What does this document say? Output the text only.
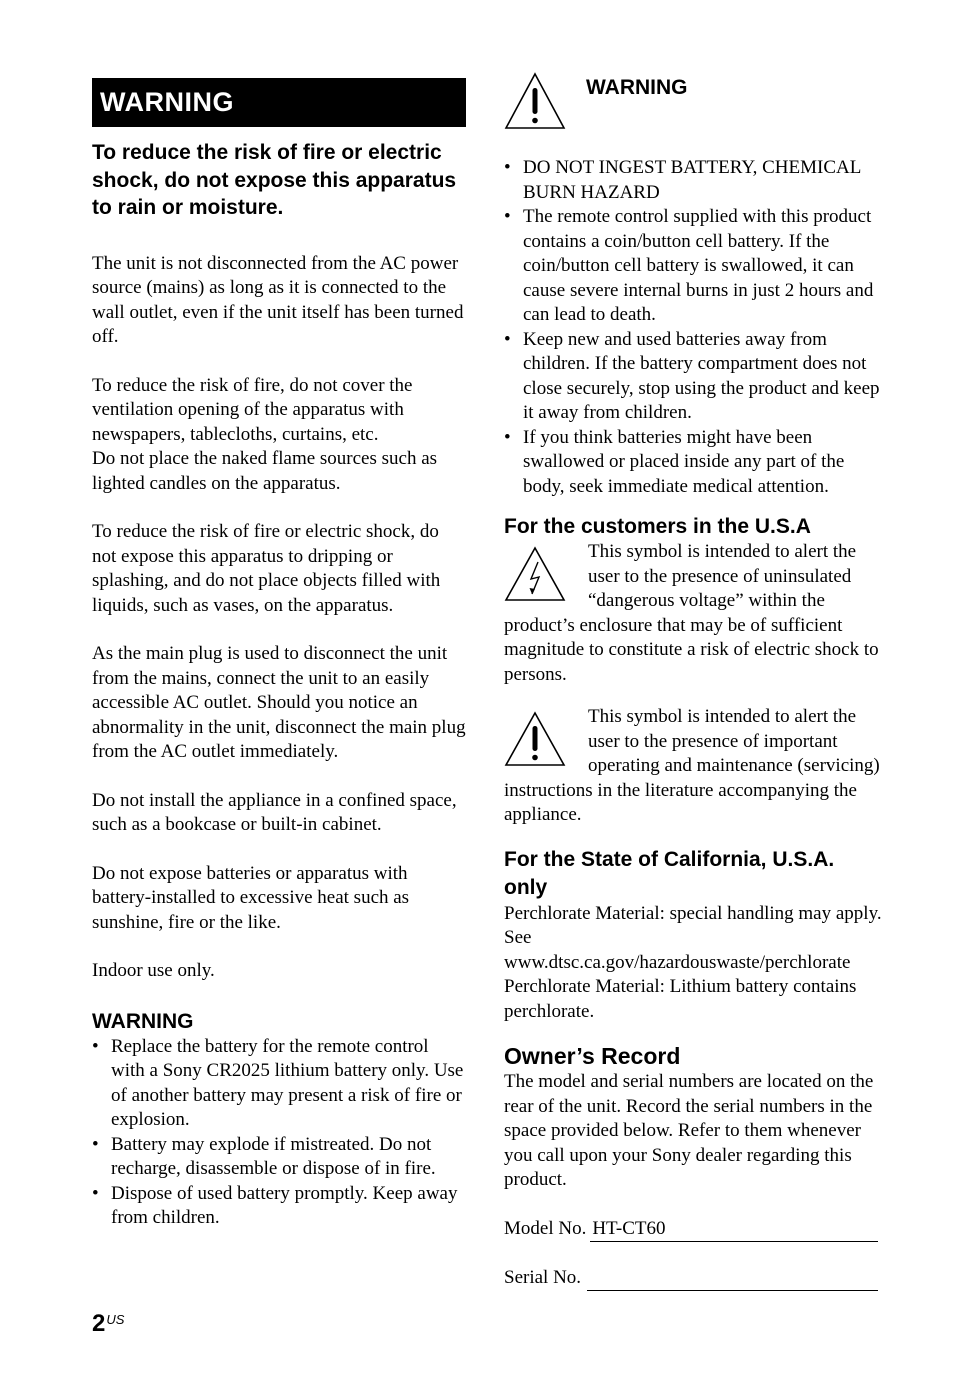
WARNING

To reduce the risk of fire or electric shock, do not expose this apparatus to rain or moisture.

The unit is not disconnected from the AC power source (mains) as long as it is connected to the wall outlet, even if the unit itself has been turned off.

To reduce the risk of fire, do not cover the ventilation opening of the apparatus with newspapers, tablecloths, curtains, etc.

Do not place the naked flame sources such as lighted candles on the apparatus.

To reduce the risk of fire or electric shock, do not expose this apparatus to dripping or splashing, and do not place objects filled with liquids, such as vases, on the apparatus.

As the main plug is used to disconnect the unit from the mains, connect the unit to an easily accessible AC outlet. Should you notice an abnormality in the unit, disconnect the main plug from the AC outlet immediately.

Do not install the appliance in a confined space, such as a bookcase or built-in cabinet.

Do not expose batteries or apparatus with battery-installed to excessive heat such as sunshine, fire or the like.

Indoor use only.

WARNING
• Replace the battery for the remote control with a Sony CR2025 lithium battery only. Use of another battery may present a risk of fire or explosion.
• Battery may explode if mistreated. Do not recharge, disassemble or dispose of in fire.
• Dispose of used battery promptly. Keep away from children.
WARNING
• DO NOT INGEST BATTERY, CHEMICAL BURN HAZARD
• The remote control supplied with this product contains a coin/button cell battery. If the coin/button cell battery is swallowed, it can cause severe internal burns in just 2 hours and can lead to death.
• Keep new and used batteries away from children. If the battery compartment does not close securely, stop using the product and keep it away from children.
• If you think batteries might have been swallowed or placed inside any part of the body, seek immediate medical attention.
For the customers in the U.S.A

This symbol is intended to alert the user to the presence of uninsulated “dangerous voltage” within the product’s enclosure that may be of sufficient magnitude to constitute a risk of electric shock to persons.

This symbol is intended to alert the user to the presence of important operating and maintenance (servicing) instructions in the literature accompanying the appliance.

For the State of California, U.S.A. only

Perchlorate Material: special handling may apply.

See

www.dtsc.ca.gov/hazardouswaste/perchlorate

Perchlorate Material: Lithium battery contains perchlorate.

Owner’s Record

The model and serial numbers are located on the rear of the unit. Record the serial numbers in the space provided below. Refer to them whenever you call upon your Sony dealer regarding this product.

Model No. HT-CT60
Serial No.
$2^{US}$
